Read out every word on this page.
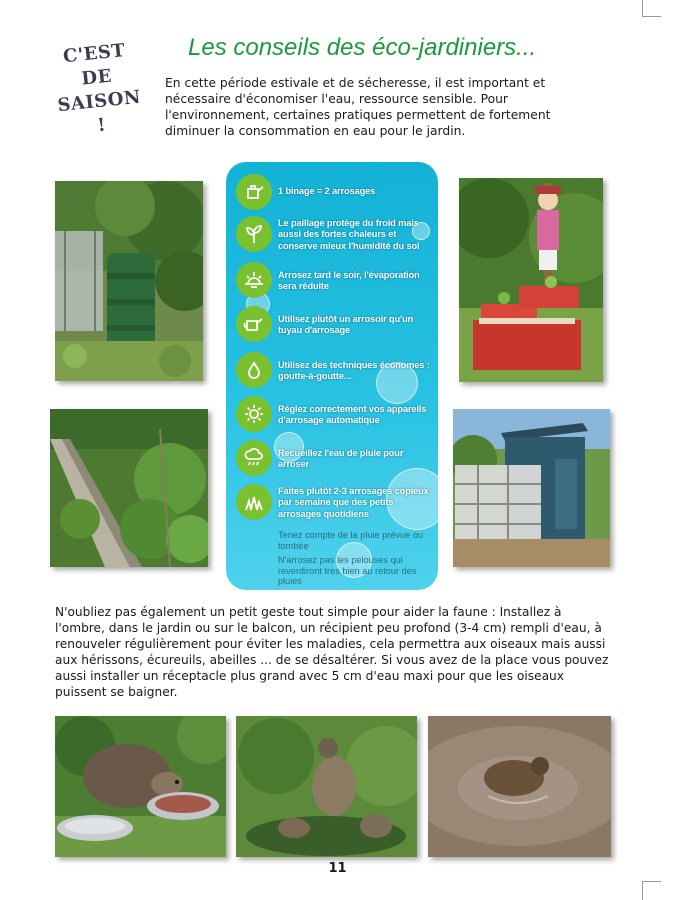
C'EST
DE
SAISON !
Les conseils des éco-jardiniers...
En cette période estivale et de sécheresse, il est important et nécessaire d'économiser l'eau, ressource sensible. Pour l'environnement, certaines pratiques permettent de fortement diminuer la consommation en eau pour le jardin.
1 binage = 2 arrosages
Le paillage protège du froid mais aussi des fortes chaleurs et conserve mieux l'humidité du sol
Arrosez tard le soir, l'évaporation sera réduite
Utilisez plutôt un arrosoir qu'un tuyau d'arrosage
Utilisez des techniques économes : goutte-à-goutte...
Réglez correctement vos appareils d'arrosage automatique
Recueillez l'eau de pluie pour arroser
Faites plutôt 2-3 arrosages copieux par semaine que des petits arrosages quotidiens
Tenez compte de la pluie prévue ou tombée
N'arrosez pas les pelouses qui reverdiront très bien au retour des pluies
N'oubliez pas également un petit geste tout simple pour aider la faune : Installez à l'ombre, dans le jardin ou sur le balcon, un récipient peu profond (3-4 cm) rempli d'eau, à renouveler régulièrement pour éviter les maladies, cela permettra aux oiseaux mais aussi aux hérissons, écureuils, abeilles ... de se désaltérer. Si vous avez de la place vous pouvez aussi installer un réceptacle plus grand avec 5 cm d'eau maxi pour que les oiseaux puissent se baigner.
11
